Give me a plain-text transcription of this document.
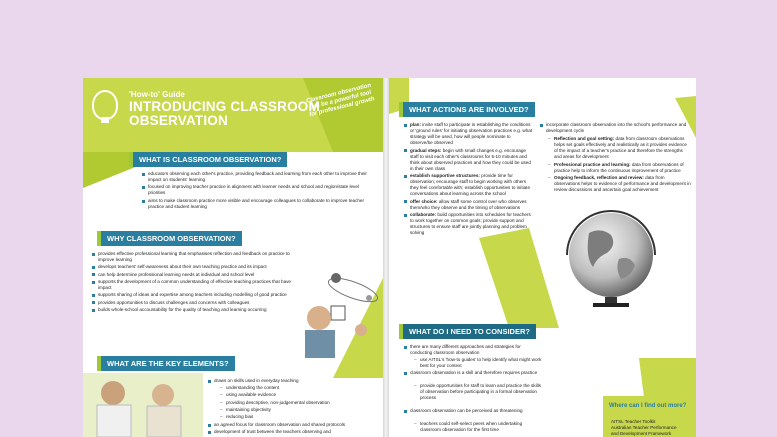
'How-to' Guide
INTRODUCING CLASSROOM OBSERVATION
Classroom observation can be a powerful tool for professional growth
WHAT IS CLASSROOM OBSERVATION?
educators observing each other's practice, providing feedback and learning from each other to improve their impact on students' learning
focused on improving teacher practice in alignment with learner needs and school and region/state level priorities
aims to make classroom practice more visible and encourage colleagues to collaborate to improve teacher practice and student learning
WHY CLASSROOM OBSERVATION?
provides effective professional learning that emphasises reflection and feedback on practice to improve learning
develops teachers' self-awareness about their own teaching practice and its impact
can help determine professional learning needs at individual and school level
supports the development of a common understanding of effective teaching practices that have impact
supports sharing of ideas and expertise among teachers including modelling of good practice
provides opportunities to discuss challenges and concerns with colleagues
builds whole-school accountability for the quality of teaching and learning occurring
WHAT ARE THE KEY ELEMENTS?
draws on skills used in everyday teaching
– understanding the content
– using available evidence
– providing descriptive, non-judgemental observation
– maintaining objectivity
– reducing bias
an agreed focus for classroom observation and shared protocols
development of trust between the teachers observing and
WHAT ACTIONS ARE INVOLVED?
plan: invite staff to participate in establishing the conditions or 'ground rules' for initiating observation practices e.g. what strategy will be used, how will people nominate to observe/be observed
gradual steps: begin with small changes e.g. encourage staff to visit each other's classrooms for 5-10 minutes and think about observed practices and how they could be used in their own class
establish supportive structures: provide time for observation; encourage staff to begin working with others they feel comfortable with; establish opportunities to initiate conversations about learning across the school
offer choice: allow staff some control over who observes them/who they observe and the timing of observations
collaborate: build opportunities into schedules for teachers to work together on common goals; provide support and structures to ensure staff are jointly planning and problem solving
incorporate classroom observation into the school's performance and development cycle
– Reflection and goal setting: data from classroom observations helps set goals effectively and realistically as it provides evidence of the impact of a teacher's practice and therefore the strengths and areas for development
– Professional practice and learning: data from observations of practice help to inform the continuous improvement of practice
– Ongoing feedback, reflection and review: data from observations helps to evidence of performance and development in review discussions and ascertain goal achievement
WHAT DO I NEED TO CONSIDER?
there are many different approaches and strategies for conducting classroom observation
– use AITSL's 'how-to guides' to help identify what might work best for your context
classroom observation is a skill and therefore requires practice
– provide opportunities for staff to learn and practice the skills of observation before participating in a formal observation process
classroom observation can be perceived as threatening
– teachers could self-select peers when undertaking classroom observation for the first time
Where can I find out more?
AITSL Teacher Toolkit
Australian Teacher Performance and Development Framework
